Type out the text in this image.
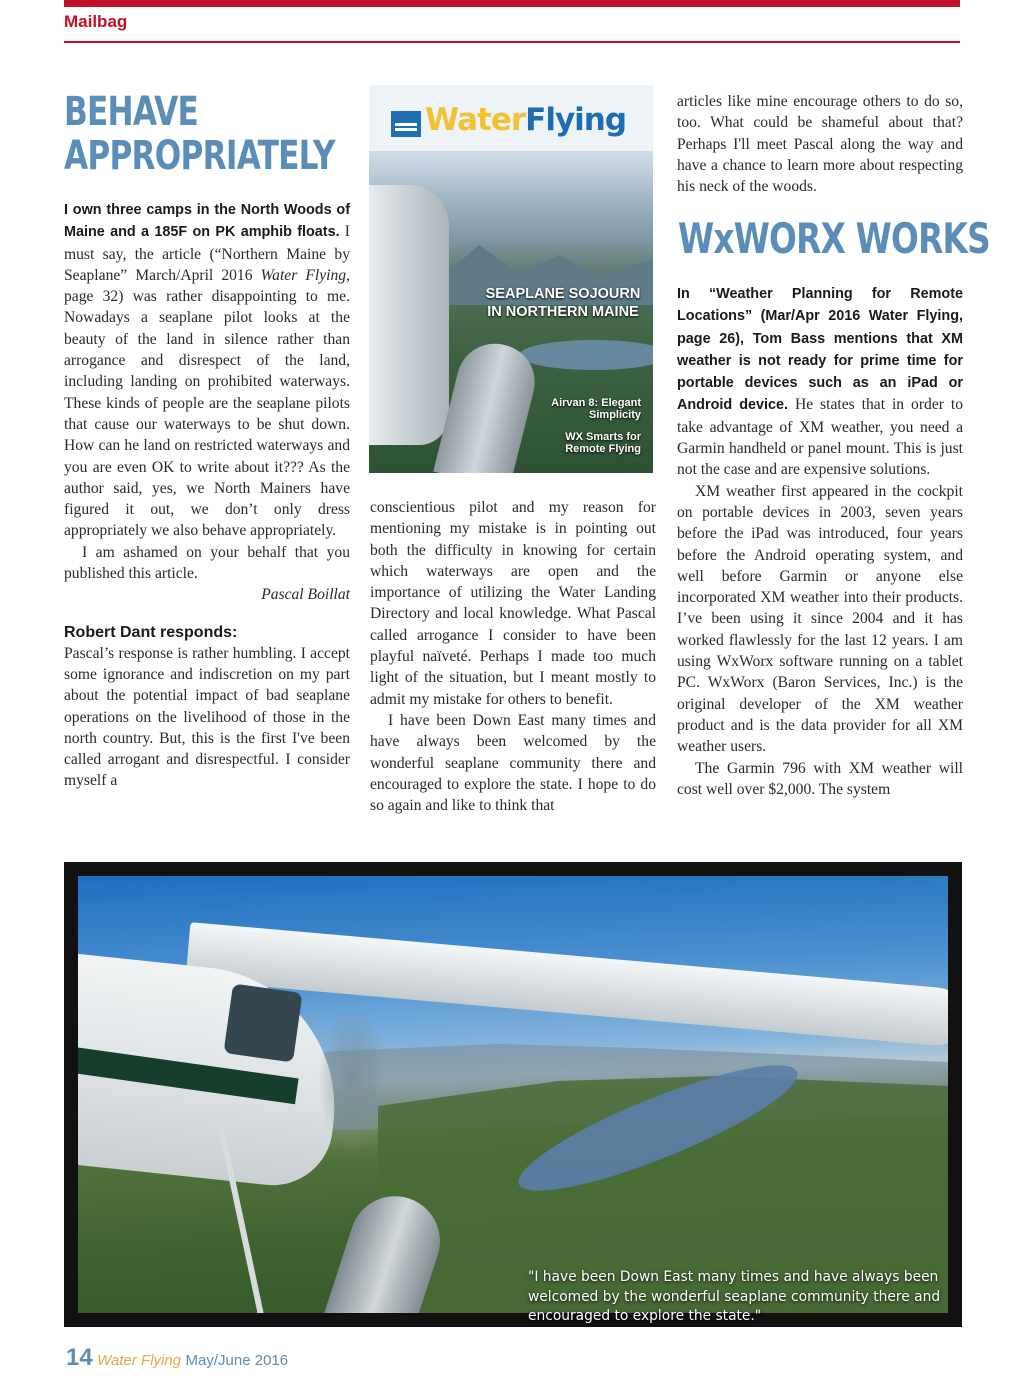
Mailbag
BEHAVE
APPROPRIATELY

I own three camps in the North Woods of Maine and a 185F on PK amphib floats. I must say, the article (“Northern Maine by Seaplane” March/April 2016 Water Flying, page 32) was rather disappointing to me. Nowadays a seaplane pilot looks at the beauty of the land in silence rather than arrogance and disrespect of the land, including landing on prohibited waterways. These kinds of people are the seaplane pilots that cause our waterways to be shut down. How can he land on restricted waterways and you are even OK to write about it??? As the author said, yes, we North Mainers have figured it out, we don’t only dress appropriately we also behave appropriately.

I am ashamed on your behalf that you published this article.

Pascal Boillat

Robert Dant responds:

Pascal’s response is rather humbling. I accept some ignorance and indiscretion on my part about the potential impact of bad seaplane operations on the livelihood of those in the north country. But, this is the first I've been called arrogant and disrespectful. I consider myself a

WaterFlying
SEAPLANE SOJOURN IN NORTHERN MAINE
Airvan 8: Elegant Simplicity
WX Smarts for Remote Flying

conscientious pilot and my reason for mentioning my mistake is in pointing out both the difficulty in knowing for certain which waterways are open and the importance of utilizing the Water Landing Directory and local knowledge. What Pascal called arrogance I consider to have been playful naïveté. Perhaps I made too much light of the situation, but I meant mostly to admit my mistake for others to benefit.

I have been Down East many times and have always been welcomed by the wonderful seaplane community there and encouraged to explore the state. I hope to do so again and like to think that

articles like mine encourage others to do so, too. What could be shameful about that? Perhaps I'll meet Pascal along the way and have a chance to learn more about respecting his neck of the woods.

WxWORX WORKS

In “Weather Planning for Remote Locations” (Mar/Apr 2016 Water Flying, page 26), Tom Bass mentions that XM weather is not ready for prime time for portable devices such as an iPad or Android device. He states that in order to take advantage of XM weather, you need a Garmin handheld or panel mount. This is just not the case and are expensive solutions.

XM weather first appeared in the cockpit on portable devices in 2003, seven years before the iPad was introduced, four years before the Android operating system, and well before Garmin or anyone else incorporated XM weather into their products. I’ve been using it since 2004 and it has worked flawlessly for the last 12 years. I am using WxWorx software running on a tablet PC. WxWorx (Baron Services, Inc.) is the original developer of the XM weather product and is the data provider for all XM weather users.

The Garmin 796 with XM weather will cost well over $2,000. The system

"I have been Down East many times and have always been welcomed by the wonderful seaplane community there and encouraged to explore the state."
14 Water Flying May/June 2016
